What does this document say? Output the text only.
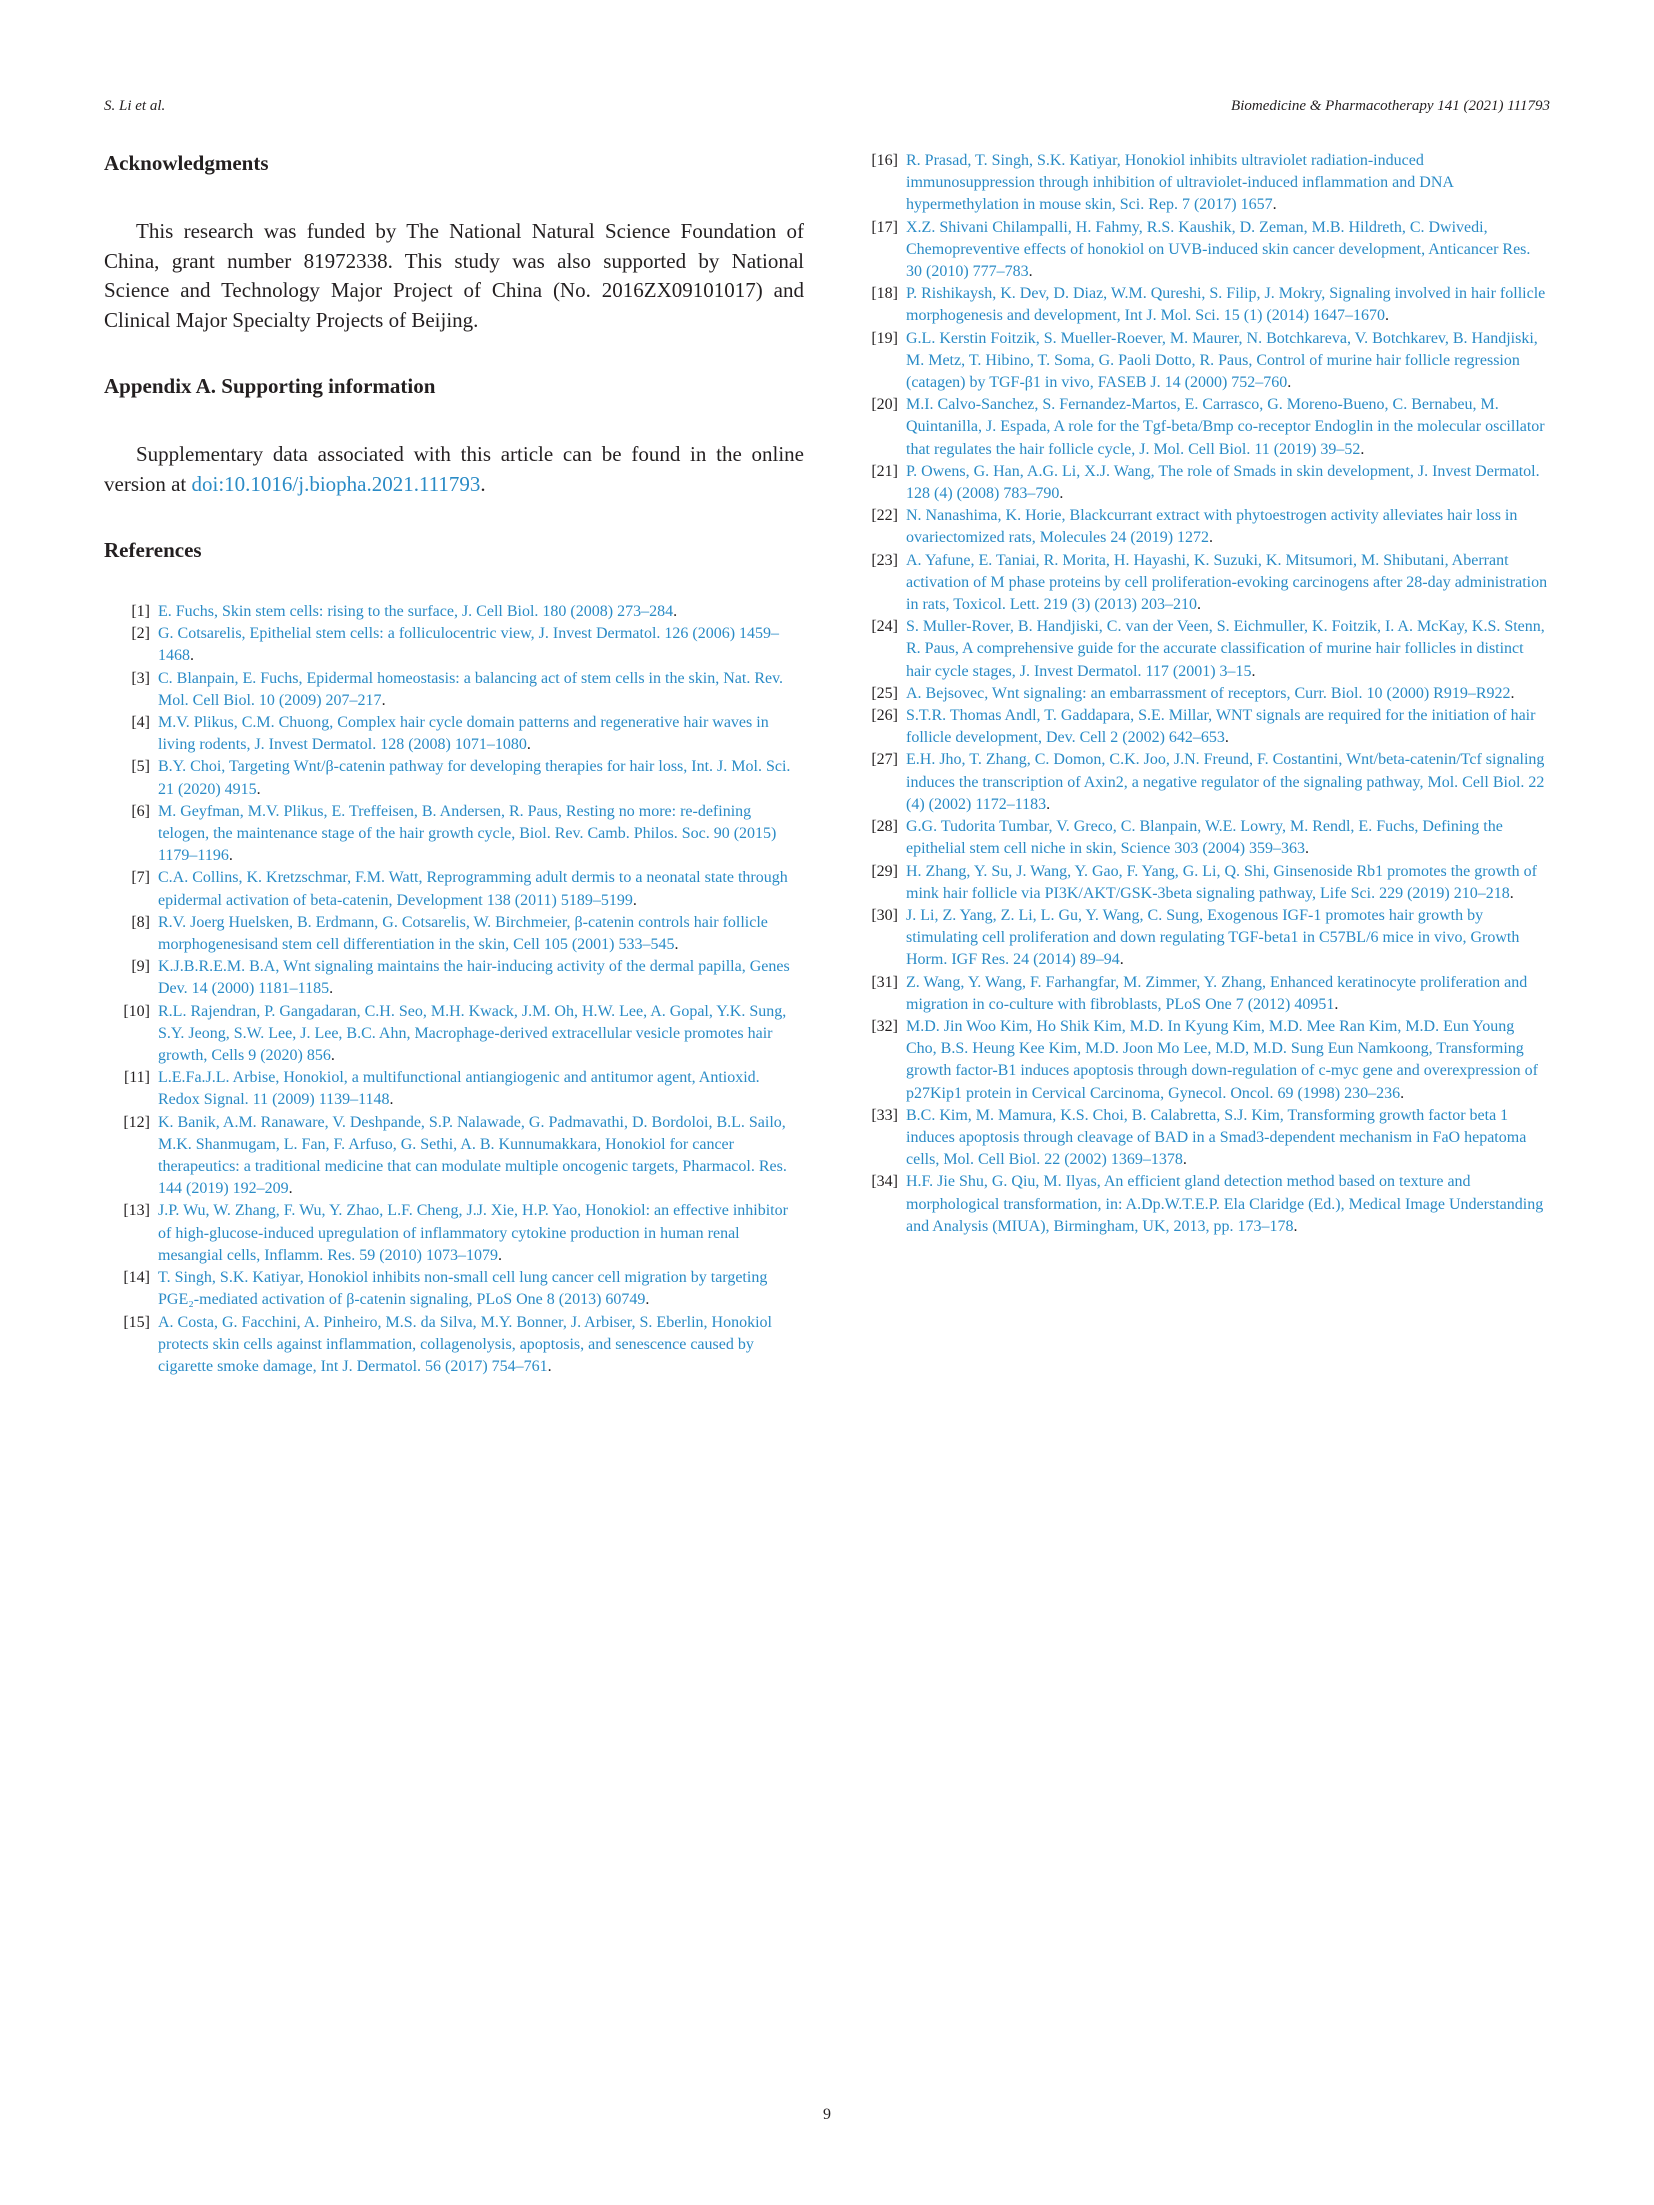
S. Li et al.	Biomedicine & Pharmacotherapy 141 (2021) 111793
Acknowledgments

This research was funded by The National Natural Science Foundation of China, grant number 81972338. This study was also supported by National Science and Technology Major Project of China (No. 2016ZX09101017) and Clinical Major Specialty Projects of Beijing.

Appendix A. Supporting information

Supplementary data associated with this article can be found in the online version at doi:10.1016/j.biopha.2021.111793.

References
[1] E. Fuchs, Skin stem cells: rising to the surface, J. Cell Biol. 180 (2008) 273–284 .
[2] G. Cotsarelis, Epithelial stem cells: a folliculocentric view, J. Invest Dermatol. 126 (2006) 1459–1468 .
[3] C. Blanpain, E. Fuchs, Epidermal homeostasis: a balancing act of stem cells in the skin, Nat. Rev. Mol. Cell Biol. 10 (2009) 207–217 .
[4] M.V. Plikus, C.M. Chuong, Complex hair cycle domain patterns and regenerative hair waves in living rodents, J. Invest Dermatol. 128 (2008) 1071–1080 .
[5] B.Y. Choi, Targeting Wnt/β-catenin pathway for developing therapies for hair loss, Int. J. Mol. Sci. 21 (2020) 4915 .
[6] M. Geyfman, M.V. Plikus, E. Treffeisen, B. Andersen, R. Paus, Resting no more: re-defining telogen, the maintenance stage of the hair growth cycle, Biol. Rev. Camb. Philos. Soc. 90 (2015) 1179–1196 .
[7] C.A. Collins, K. Kretzschmar, F.M. Watt, Reprogramming adult dermis to a neonatal state through epidermal activation of beta-catenin, Development 138 (2011) 5189–5199 .
[8] R.V. Joerg Huelsken, B. Erdmann, G. Cotsarelis, W. Birchmeier, β-catenin controls hair follicle morphogenesisand stem cell differentiation in the skin, Cell 105 (2001) 533–545 .
[9] K.J.B.R.E.M. B.A, Wnt signaling maintains the hair-inducing activity of the dermal papilla, Genes Dev. 14 (2000) 1181–1185 .
[10] R.L. Rajendran, P. Gangadaran, C.H. Seo, M.H. Kwack, J.M. Oh, H.W. Lee, A. Gopal, Y.K. Sung, S.Y. Jeong, S.W. Lee, J. Lee, B.C. Ahn, Macrophage-derived extracellular vesicle promotes hair growth, Cells 9 (2020) 856 .
[11] L.E.Fa.J.L. Arbise, Honokiol, a multifunctional antiangiogenic and antitumor agent, Antioxid. Redox Signal. 11 (2009) 1139–1148 .
[12] K. Banik, A.M. Ranaware, V. Deshpande, S.P. Nalawade, G. Padmavathi, D. Bordoloi, B.L. Sailo, M.K. Shanmugam, L. Fan, F. Arfuso, G. Sethi, A. B. Kunnumakkara, Honokiol for cancer therapeutics: a traditional medicine that can modulate multiple oncogenic targets, Pharmacol. Res. 144 (2019) 192–209 .
[13] J.P. Wu, W. Zhang, F. Wu, Y. Zhao, L.F. Cheng, J.J. Xie, H.P. Yao, Honokiol: an effective inhibitor of high-glucose-induced upregulation of inflammatory cytokine production in human renal mesangial cells, Inflamm. Res. 59 (2010) 1073–1079 .
[14] T. Singh, S.K. Katiyar, Honokiol inhibits non-small cell lung cancer cell migration by targeting PGE₂-mediated activation of β-catenin signaling, PLoS One 8 (2013) 60749 .
[15] A. Costa, G. Facchini, A. Pinheiro, M.S. da Silva, M.Y. Bonner, J. Arbiser, S. Eberlin, Honokiol protects skin cells against inflammation, collagenolysis, apoptosis, and senescence caused by cigarette smoke damage, Int J. Dermatol. 56 (2017) 754–761 .
[16] R. Prasad, T. Singh, S.K. Katiyar, Honokiol inhibits ultraviolet radiation-induced immunosuppression through inhibition of ultraviolet-induced inflammation and DNA hypermethylation in mouse skin, Sci. Rep. 7 (2017) 1657 .
[17] X.Z. Shivani Chilampalli, H. Fahmy, R.S. Kaushik, D. Zeman, M.B. Hildreth, C. Dwivedi, Chemopreventive effects of honokiol on UVB-induced skin cancer development, Anticancer Res. 30 (2010) 777–783 .
[18] P. Rishikaysh, K. Dev, D. Diaz, W.M. Qureshi, S. Filip, J. Mokry, Signaling involved in hair follicle morphogenesis and development, Int J. Mol. Sci. 15 (1) (2014) 1647–1670 .
[19] G.L. Kerstin Foitzik, S. Mueller-Roever, M. Maurer, N. Botchkareva, V. Botchkarev, B. Handjiski, M. Metz, T. Hibino, T. Soma, G. Paoli Dotto, R. Paus, Control of murine hair follicle regression (catagen) by TGF-β1 in vivo, FASEB J. 14 (2000) 752–760 .
[20] M.I. Calvo-Sanchez, S. Fernandez-Martos, E. Carrasco, G. Moreno-Bueno, C. Bernabeu, M. Quintanilla, J. Espada, A role for the Tgf-beta/Bmp co-receptor Endoglin in the molecular oscillator that regulates the hair follicle cycle, J. Mol. Cell Biol. 11 (2019) 39–52 .
[21] P. Owens, G. Han, A.G. Li, X.J. Wang, The role of Smads in skin development, J. Invest Dermatol. 128 (4) (2008) 783–790 .
[22] N. Nanashima, K. Horie, Blackcurrant extract with phytoestrogen activity alleviates hair loss in ovariectomized rats, Molecules 24 (2019) 1272 .
[23] A. Yafune, E. Taniai, R. Morita, H. Hayashi, K. Suzuki, K. Mitsumori, M. Shibutani, Aberrant activation of M phase proteins by cell proliferation-evoking carcinogens after 28-day administration in rats, Toxicol. Lett. 219 (3) (2013) 203–210 .
[24] S. Muller-Rover, B. Handjiski, C. van der Veen, S. Eichmuller, K. Foitzik, I. A. McKay, K.S. Stenn, R. Paus, A comprehensive guide for the accurate classification of murine hair follicles in distinct hair cycle stages, J. Invest Dermatol. 117 (2001) 3–15 .
[25] A. Bejsovec, Wnt signaling: an embarrassment of receptors, Curr. Biol. 10 (2000) R919–R922 .
[26] S.T.R. Thomas Andl, T. Gaddapara, S.E. Millar, WNT signals are required for the initiation of hair follicle development, Dev. Cell 2 (2002) 642–653 .
[27] E.H. Jho, T. Zhang, C. Domon, C.K. Joo, J.N. Freund, F. Costantini, Wnt/beta-catenin/Tcf signaling induces the transcription of Axin2, a negative regulator of the signaling pathway, Mol. Cell Biol. 22 (4) (2002) 1172–1183 .
[28] G.G. Tudorita Tumbar, V. Greco, C. Blanpain, W.E. Lowry, M. Rendl, E. Fuchs, Defining the epithelial stem cell niche in skin, Science 303 (2004) 359–363 .
[29] H. Zhang, Y. Su, J. Wang, Y. Gao, F. Yang, G. Li, Q. Shi, Ginsenoside Rb1 promotes the growth of mink hair follicle via PI3K/AKT/GSK-3beta signaling pathway, Life Sci. 229 (2019) 210–218 .
[30] J. Li, Z. Yang, Z. Li, L. Gu, Y. Wang, C. Sung, Exogenous IGF-1 promotes hair growth by stimulating cell proliferation and down regulating TGF-beta1 in C57BL/6 mice in vivo, Growth Horm. IGF Res. 24 (2014) 89–94 .
[31] Z. Wang, Y. Wang, F. Farhangfar, M. Zimmer, Y. Zhang, Enhanced keratinocyte proliferation and migration in co-culture with fibroblasts, PLoS One 7 (2012) 40951 .
[32] M.D. Jin Woo Kim, Ho Shik Kim, M.D. In Kyung Kim, M.D. Mee Ran Kim, M.D. Eun Young Cho, B.S. Heung Kee Kim, M.D. Joon Mo Lee, M.D, M.D. Sung Eun Namkoong, Transforming growth factor-B1 induces apoptosis through down-regulation of c-myc gene and overexpression of p27Kip1 protein in Cervical Carcinoma, Gynecol. Oncol. 69 (1998) 230–236 .
[33] B.C. Kim, M. Mamura, K.S. Choi, B. Calabretta, S.J. Kim, Transforming growth factor beta 1 induces apoptosis through cleavage of BAD in a Smad3-dependent mechanism in FaO hepatoma cells, Mol. Cell Biol. 22 (2002) 1369–1378 .
[34] H.F. Jie Shu, G. Qiu, M. Ilyas, An efficient gland detection method based on texture and morphological transformation, in: A.Dp.W.T.E.P. Ela Claridge (Ed.), Medical Image Understanding and Analysis (MIUA), Birmingham, UK, 2013, pp. 173–178 .
9
